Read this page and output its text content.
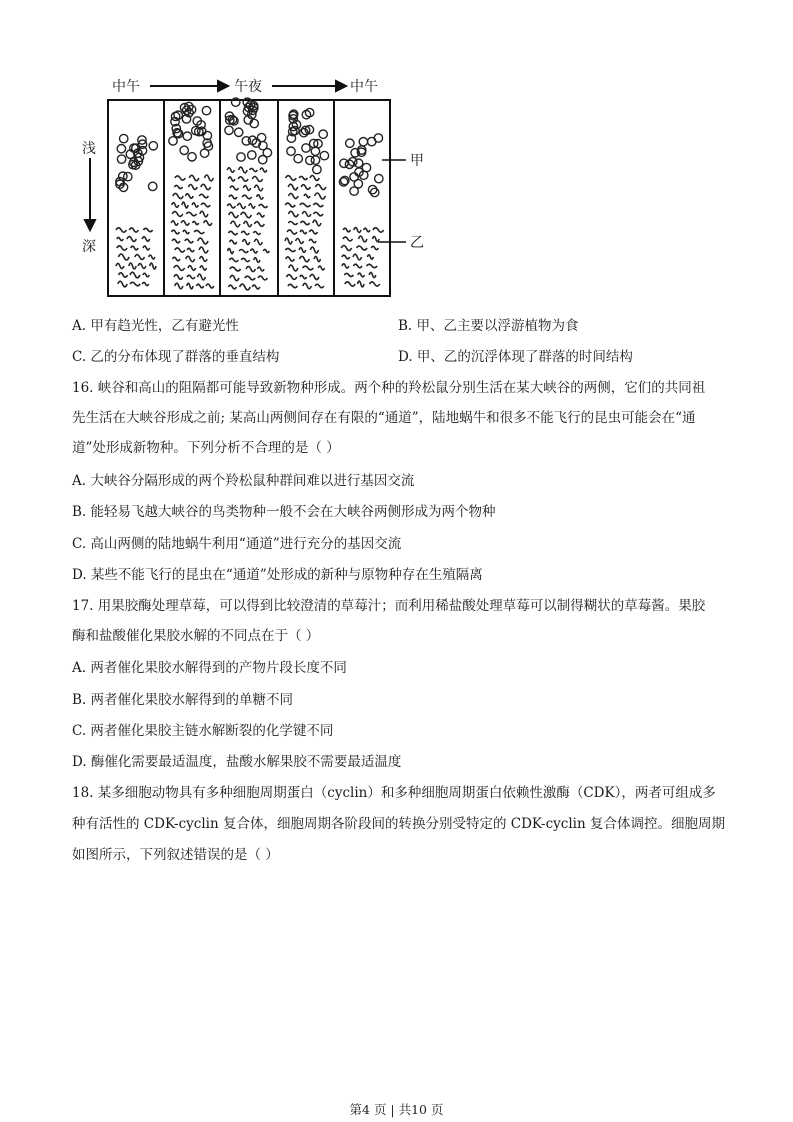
中午	午夜	中午
浅
深
甲
乙
A. 甲有趋光性，乙有避光性	B. 甲、乙主要以浮游植物为食
C. 乙的分布体现了群落的垂直结构	D. 甲、乙的沉浮体现了群落的时间结构
16. 峡谷和高山的阻隔都可能导致新物种形成。两个种的羚松鼠分别生活在某大峡谷的两侧，它们的共同祖
先生活在大峡谷形成之前; 某高山两侧间存在有限的“通道”，陆地蜗牛和很多不能飞行的昆虫可能会在“通
道”处形成新物种。下列分析不合理的是（ ）
A. 大峡谷分隔形成的两个羚松鼠种群间难以进行基因交流
B. 能轻易飞越大峡谷的鸟类物种一般不会在大峡谷两侧形成为两个物种
C. 高山两侧的陆地蜗牛利用“通道”进行充分的基因交流
D. 某些不能飞行的昆虫在“通道”处形成的新种与原物种存在生殖隔离
17. 用果胶酶处理草莓，可以得到比较澄清的草莓汁；而利用稀盐酸处理草莓可以制得糊状的草莓酱。果胶
酶和盐酸催化果胶水解的不同点在于（ ）
A. 两者催化果胶水解得到的产物片段长度不同
B. 两者催化果胶水解得到的单糖不同
C. 两者催化果胶主链水解断裂的化学键不同
D. 酶催化需要最适温度，盐酸水解果胶不需要最适温度
18. 某多细胞动物具有多种细胞周期蛋白（cyclin）和多种细胞周期蛋白依赖性激酶（CDK），两者可组成多
种有活性的 CDK-cyclin 复合体，细胞周期各阶段间的转换分别受特定的 CDK-cyclin 复合体调控。细胞周期
如图所示，下列叙述错误的是（ ）
第4 页 | 共10 页
